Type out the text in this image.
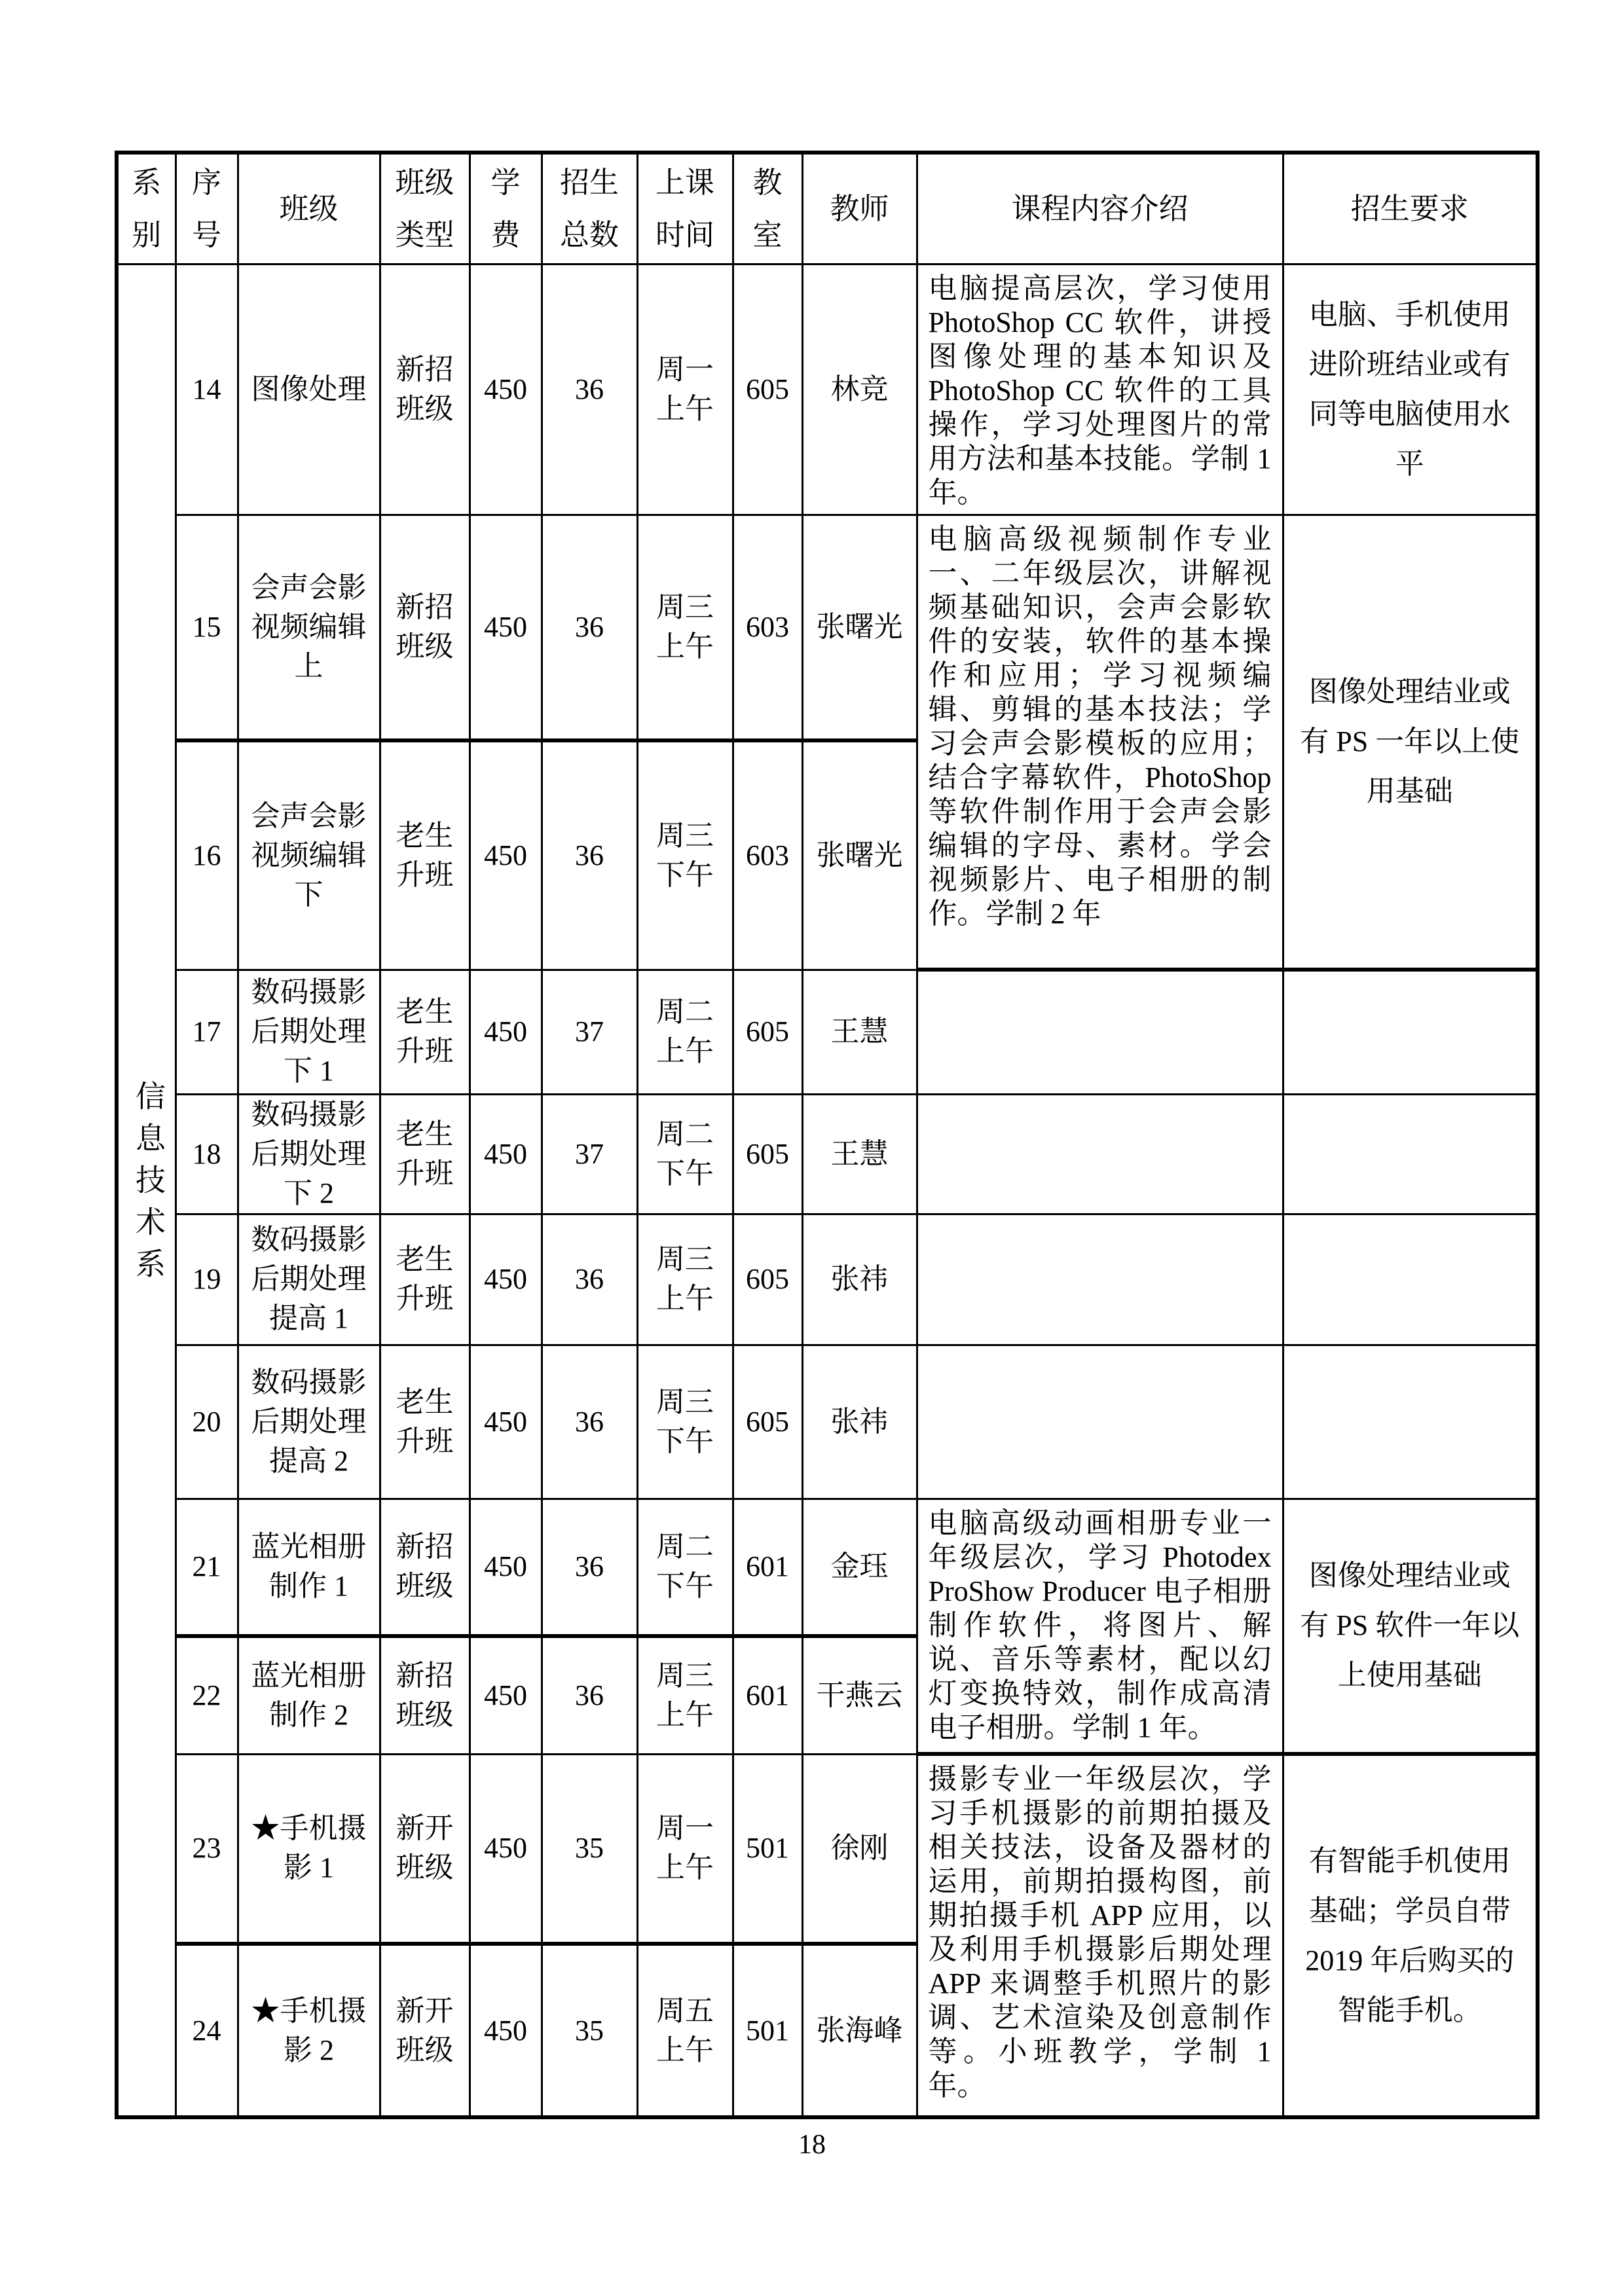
系别	序号	班级	班级类型	学费	招生总数	上课时间	教室	教师	课程内容介绍	招生要求
信息技术系	14	图像处理	新招班级	450	36	周一上午	605	林竞	电脑提高层次，学习使用 PhotoShop CC 软件，讲授图像处理的基本知识及 PhotoShop CC 软件的工具操作，学习处理图片的常用方法和基本技能。学制 1 年。	电脑、手机使用进阶班结业或有同等电脑使用水平
	15	会声会影视频编辑上	新招班级	450	36	周三上午	603	张曙光	电脑高级视频制作专业一、二年级层次，讲解视频基础知识，会声会影软件的安装，软件的基本操作和应用；学习视频编辑、剪辑的基本技法；学习会声会影模板的应用；结合字幕软件，PhotoShop 等软件制作用于会声会影编辑的字母、素材。学会视频影片、电子相册的制作。学制 2 年	图像处理结业或有 PS 一年以上使用基础
	16	会声会影视频编辑下	老生升班	450	36	周三下午	603	张曙光		
	17	数码摄影后期处理下 1	老生升班	450	37	周二上午	605	王慧		
	18	数码摄影后期处理下 2	老生升班	450	37	周二下午	605	王慧		
	19	数码摄影后期处理提高 1	老生升班	450	36	周三上午	605	张祎		
	20	数码摄影后期处理提高 2	老生升班	450	36	周三下午	605	张祎		
	21	蓝光相册制作 1	新招班级	450	36	周二下午	601	金珏	电脑高级动画相册专业一年级层次，学习 Photodex ProShow Producer 电子相册制作软件，将图片、解说、音乐等素材，配以幻灯变换特效，制作成高清电子相册。学制 1 年。	图像处理结业或有 PS 软件一年以上使用基础
	22	蓝光相册制作 2	新招班级	450	36	周三上午	601	干燕云		
	23	★手机摄影 1	新开班级	450	35	周一上午	501	徐刚	摄影专业一年级层次，学习手机摄影的前期拍摄及相关技法，设备及器材的运用，前期拍摄构图，前期拍摄手机 APP 应用，以及利用手机摄影后期处理 APP 来调整手机照片的影调、艺术渲染及创意制作等。小班教学，学制 1 年。	有智能手机使用基础；学员自带 2019 年后购买的智能手机。
	24	★手机摄影 2	新开班级	450	35	周五上午	501	张海峰		
18
